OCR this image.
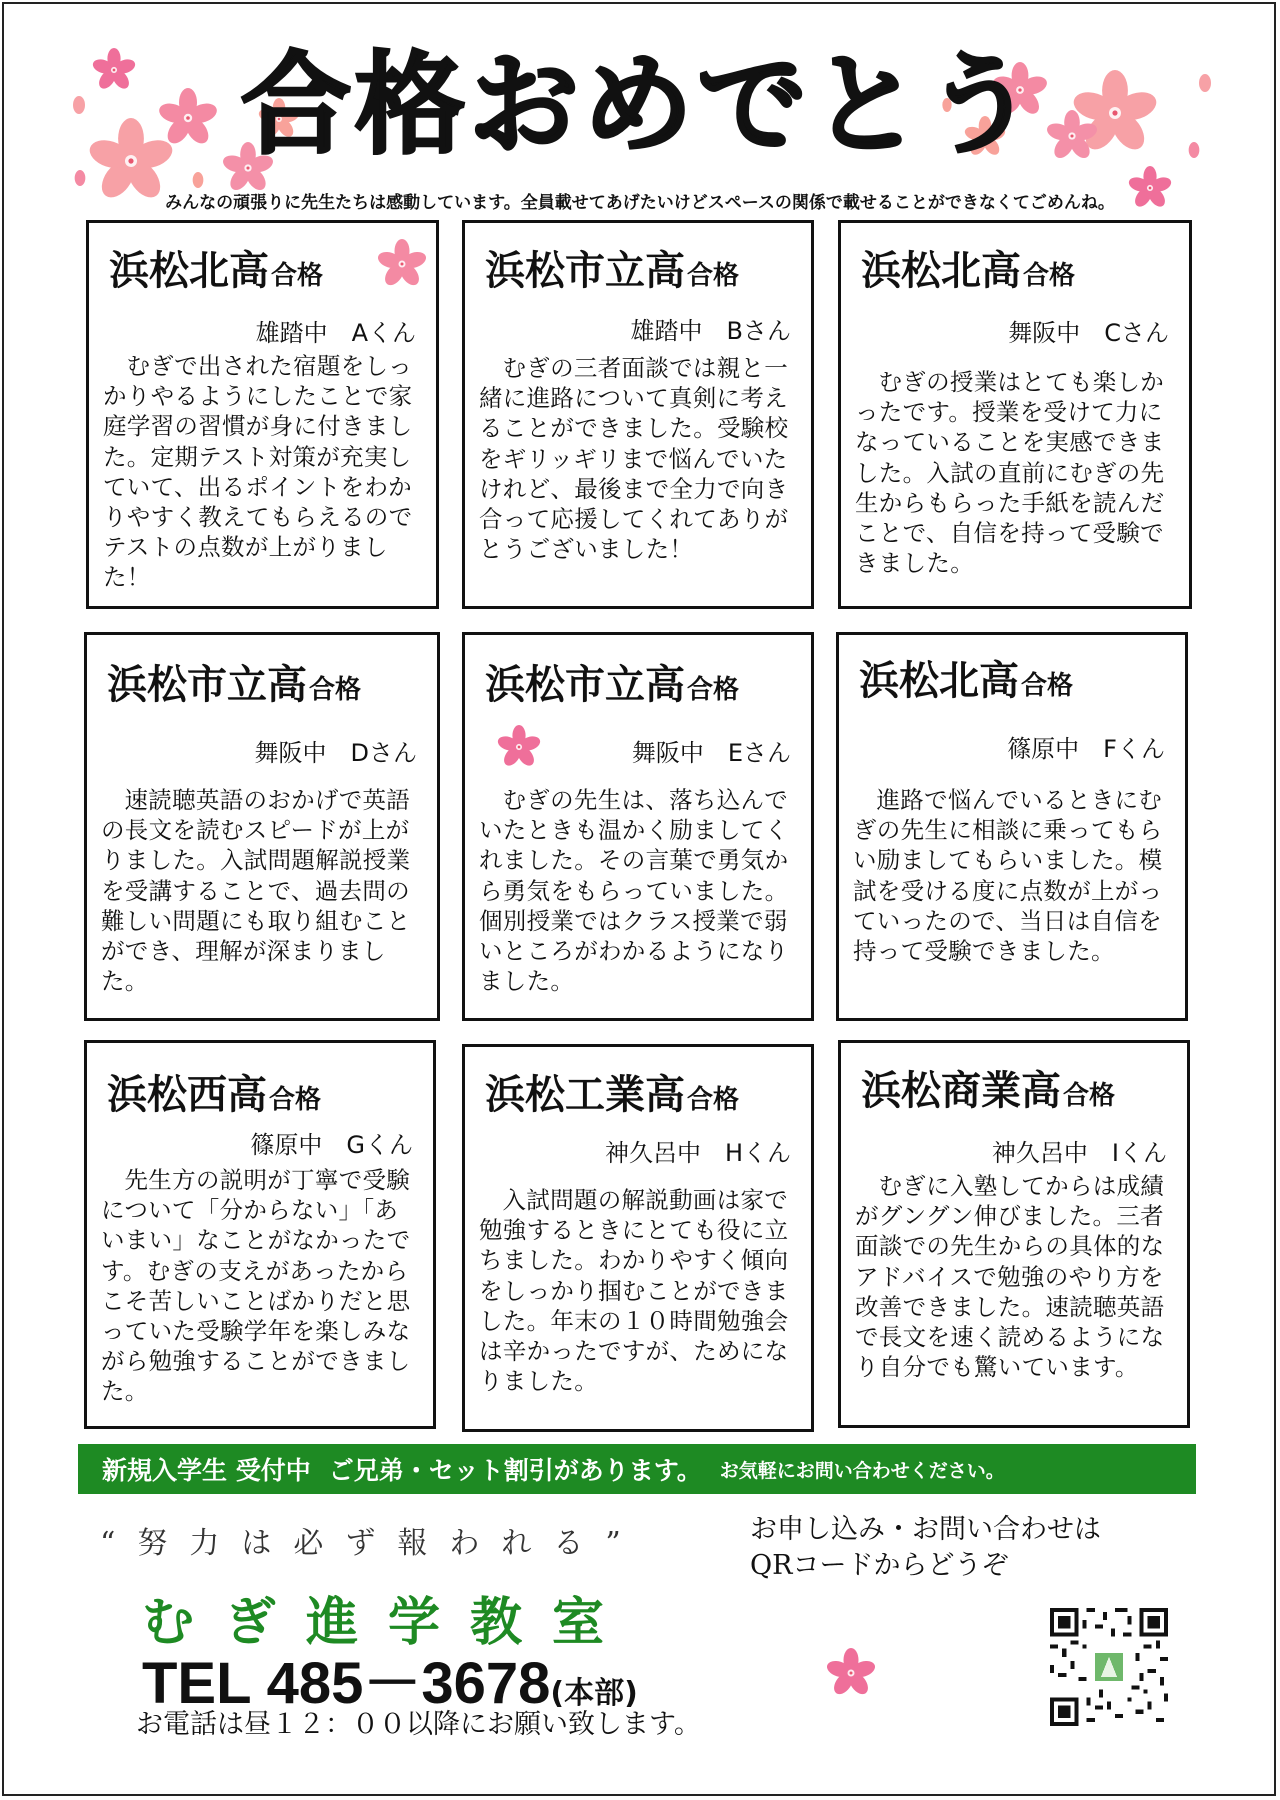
合格おめでとう
みんなの頑張りに先生たちは感動しています。全員載せてあげたいけどスペースの関係で載せることができなくてごめんね。
浜松北高合格
雄踏中　Aくん
むぎで出された宿題をしっかりやるようにしたことで家庭学習の習慣が身に付きました。定期テスト対策が充実していて、出るポイントをわかりやすく教えてもらえるのでテストの点数が上がりました！
浜松市立高合格
雄踏中　Bさん
むぎの三者面談では親と一緒に進路について真剣に考えることができました。受験校をギリッギリまで悩んでいたけれど、最後まで全力で向き合って応援してくれてありがとうございました！
浜松北高合格
舞阪中　Cさん
むぎの授業はとても楽しかったです。授業を受けて力になっていることを実感できました。入試の直前にむぎの先生からもらった手紙を読んだことで、自信を持って受験できました。
浜松市立高合格
舞阪中　Dさん
速読聴英語のおかげで英語の長文を読むスピードが上がりました。入試問題解説授業を受講することで、過去問の難しい問題にも取り組むことができ、理解が深まりました。
浜松市立高合格
舞阪中　Eさん
むぎの先生は、落ち込んでいたときも温かく励ましてくれました。その言葉で勇気から勇気をもらっていました。個別授業ではクラス授業で弱いところがわかるようになりました。
浜松北高合格
篠原中　Fくん
進路で悩んでいるときにむぎの先生に相談に乗ってもらい励ましてもらいました。模試を受ける度に点数が上がっていったので、当日は自信を持って受験できました。
浜松西高合格
篠原中　Gくん
先生方の説明が丁寧で受験について「分からない」「あいまい」なことがなかったです。むぎの支えがあったからこそ苦しいことばかりだと思っていた受験学年を楽しみながら勉強することができました。
浜松工業高合格
神久呂中　Hくん
入試問題の解説動画は家で勉強するときにとても役に立ちました。わかりやすく傾向をしっかり掴むことができました。年末の１０時間勉強会は辛かったですが、ためになりました。
浜松商業高合格
神久呂中　Iくん
むぎに入塾してからは成績がグングン伸びました。三者面談での先生からの具体的なアドバイスで勉強のやり方を改善できました。速読聴英語で長文を速く読めるようになり自分でも驚いています。
新規入学生 受付中 ご兄弟・セット割引があります。 お気軽にお問い合わせください。
“努力は必ず報われる”
むぎ進学教室
TEL 485－3678(本部)
お電話は昼１２：００以降にお願い致します。
お申し込み・お問い合わせは
QRコードからどうぞ
